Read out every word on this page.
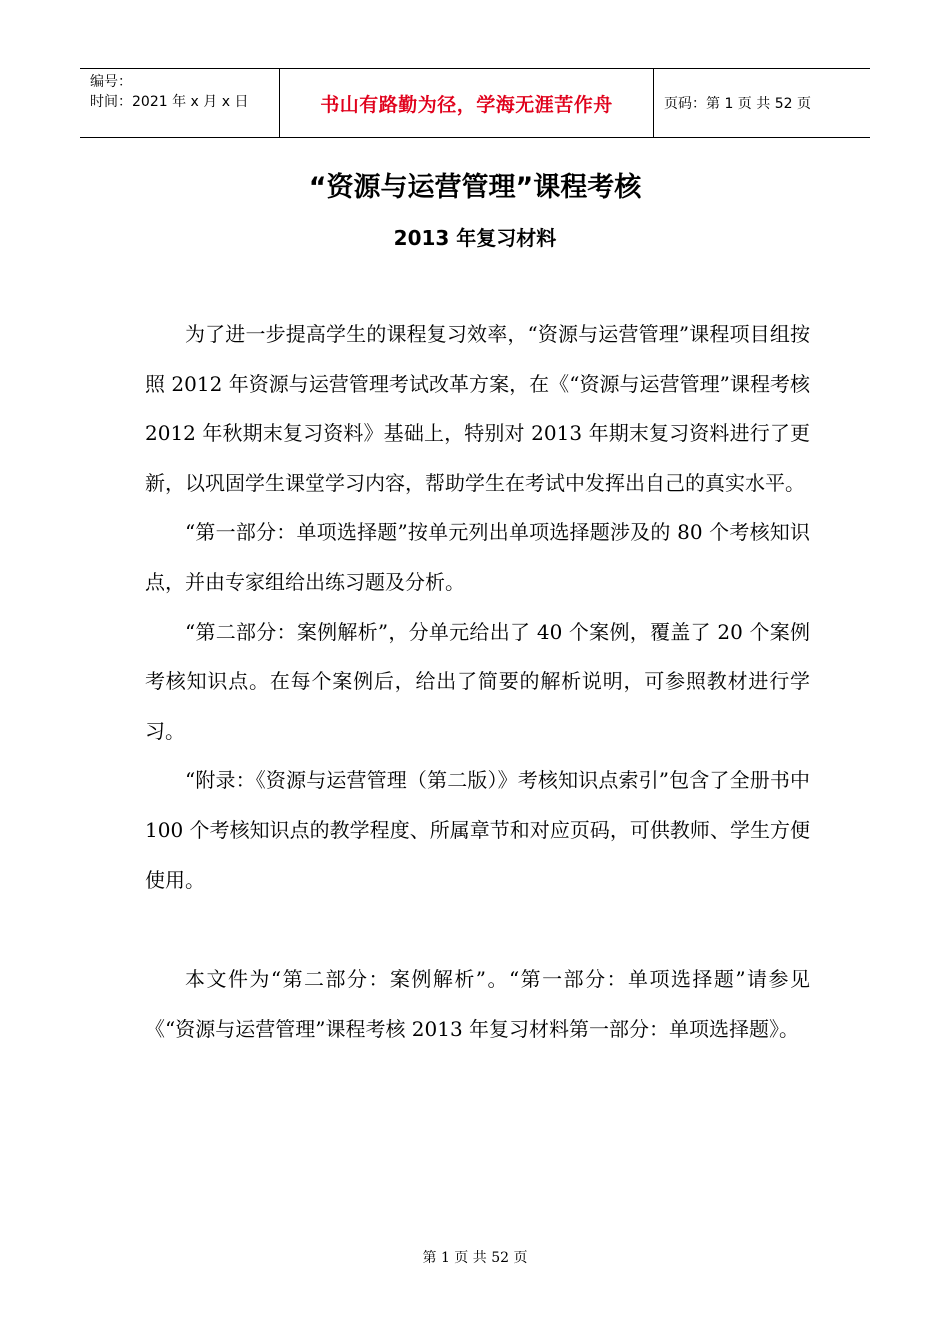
编号：
时间：2021 年 x 月 x 日	书山有路勤为径，学海无涯苦作舟	页码：第 1 页 共 52 页
“资源与运营管理”课程考核
2013 年复习材料

为了进一步提高学生的课程复习效率，“资源与运营管理”课程项目组按照 2012 年资源与运营管理考试改革方案，在《“资源与运营管理”课程考核 2012 年秋期末复习资料》基础上，特别对 2013 年期末复习资料进行了更新，以巩固学生课堂学习内容，帮助学生在考试中发挥出自己的真实水平。

“第一部分：单项选择题”按单元列出单项选择题涉及的 80 个考核知识点，并由专家组给出练习题及分析。

“第二部分：案例解析”，分单元给出了 40 个案例，覆盖了 20 个案例考核知识点。在每个案例后，给出了简要的解析说明，可参照教材进行学习。

“附录：《资源与运营管理（第二版）》考核知识点索引”包含了全册书中 100 个考核知识点的教学程度、所属章节和对应页码，可供教师、学生方便使用。

本文件为“第二部分：案例解析”。“第一部分：单项选择题”请参见《“资源与运营管理”课程考核 2013 年复习材料第一部分：单项选择题》。

第 1 页 共 52 页
